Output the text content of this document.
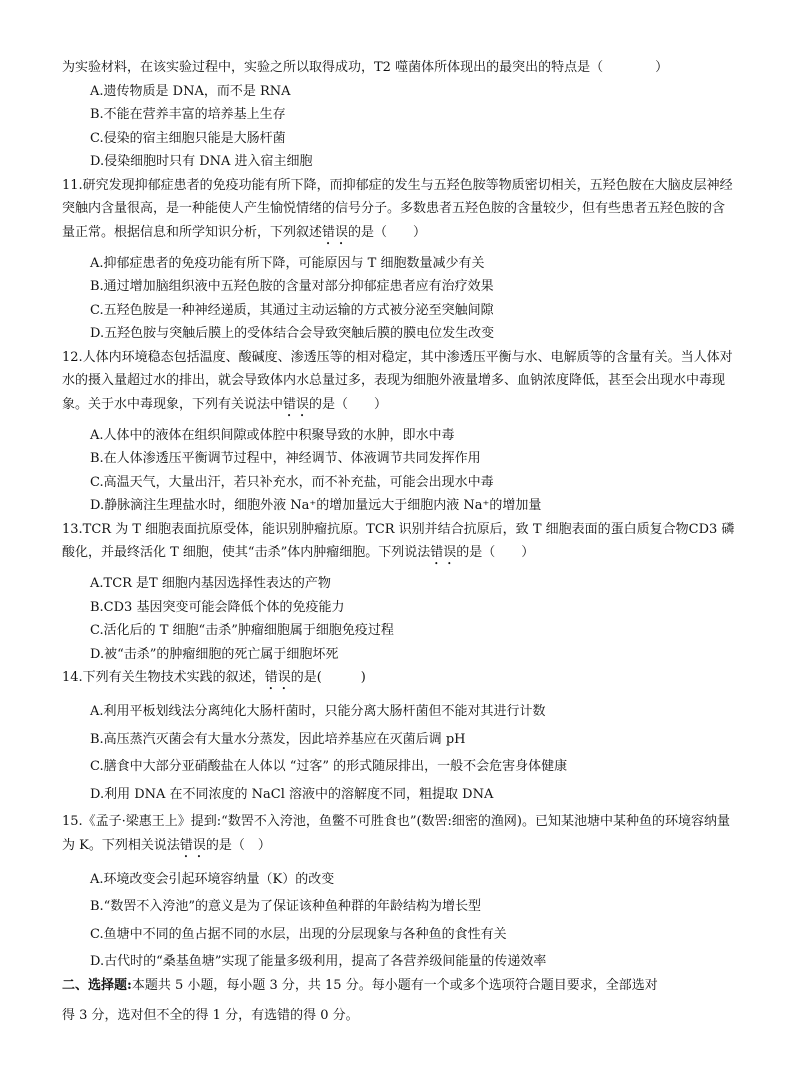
为实验材料，在该实验过程中，实验之所以取得成功，T2 噬菌体所体现出的最突出的特点是（　　　　）

A.遗传物质是 DNA，而不是 RNA

B.不能在营养丰富的培养基上生存

C.侵染的宿主细胞只能是大肠杆菌

D.侵染细胞时只有 DNA 进入宿主细胞

11.研究发现抑郁症患者的免疫功能有所下降，而抑郁症的发生与五羟色胺等物质密切相关，五羟色胺在大脑皮层神经突触内含量很高，是一种能使人产生愉悦情绪的信号分子。多数患者五羟色胺的含量较少，但有些患者五羟色胺的含量正常。根据信息和所学知识分析，下列叙述错误的是（　　）

A.抑郁症患者的免疫功能有所下降，可能原因与 T 细胞数量减少有关

B.通过增加脑组织液中五羟色胺的含量对部分抑郁症患者应有治疗效果

C.五羟色胺是一种神经递质，其通过主动运输的方式被分泌至突触间隙

D.五羟色胺与突触后膜上的受体结合会导致突触后膜的膜电位发生改变

12.人体内环境稳态包括温度、酸碱度、渗透压等的相对稳定，其中渗透压平衡与水、电解质等的含量有关。当人体对水的摄入量超过水的排出，就会导致体内水总量过多，表现为细胞外液量增多、血钠浓度降低，甚至会出现水中毒现象。关于水中毒现象，下列有关说法中错误的是（　　）

A.人体中的液体在组织间隙或体腔中积聚导致的水肿，即水中毒

B.在人体渗透压平衡调节过程中，神经调节、体液调节共同发挥作用

C.高温天气，大量出汗，若只补充水，而不补充盐，可能会出现水中毒

D.静脉滴注生理盐水时，细胞外液 Na⁺的增加量远大于细胞内液 Na⁺的增加量

13.TCR 为 T 细胞表面抗原受体，能识别肿瘤抗原。TCR 识别并结合抗原后，致 T 细胞表面的蛋白质复合物CD3 磷酸化，并最终活化 T 细胞，使其“击杀”体内肿瘤细胞。下列说法错误的是（　　）

A.TCR 是T 细胞内基因选择性表达的产物

B.CD3 基因突变可能会降低个体的免疫能力

C.活化后的 T 细胞“击杀”肿瘤细胞属于细胞免疫过程

D.被“击杀”的肿瘤细胞的死亡属于细胞坏死

14.下列有关生物技术实践的叙述，错误的是(　　　)

A.利用平板划线法分离纯化大肠杆菌时，只能分离大肠杆菌但不能对其进行计数

B.高压蒸汽灭菌会有大量水分蒸发，因此培养基应在灭菌后调 pH

C.膳食中大部分亚硝酸盐在人体以 “过客” 的形式随尿排出，一般不会危害身体健康

D.利用 DNA 在不同浓度的 NaCl 溶液中的溶解度不同，粗提取 DNA

15.《孟子·梁惠王上》提到:“数罟不入洿池，鱼鳖不可胜食也”(数罟:细密的渔网)。已知某池塘中某种鱼的环境容纳量为 K。下列相关说法错误的是（　）

A.环境改变会引起环境容纳量（K）的改变

B.“数罟不入洿池”的意义是为了保证该种鱼种群的年龄结构为增长型

C.鱼塘中不同的鱼占据不同的水层，出现的分层现象与各种鱼的食性有关

D.古代时的“桑基鱼塘”实现了能量多级利用，提高了各营养级间能量的传递效率

二、选择题:本题共 5 小题，每小题 3 分，共 15 分。每小题有一个或多个选项符合题目要求，全部选对

得 3 分，选对但不全的得 1 分，有选错的得 0 分。
